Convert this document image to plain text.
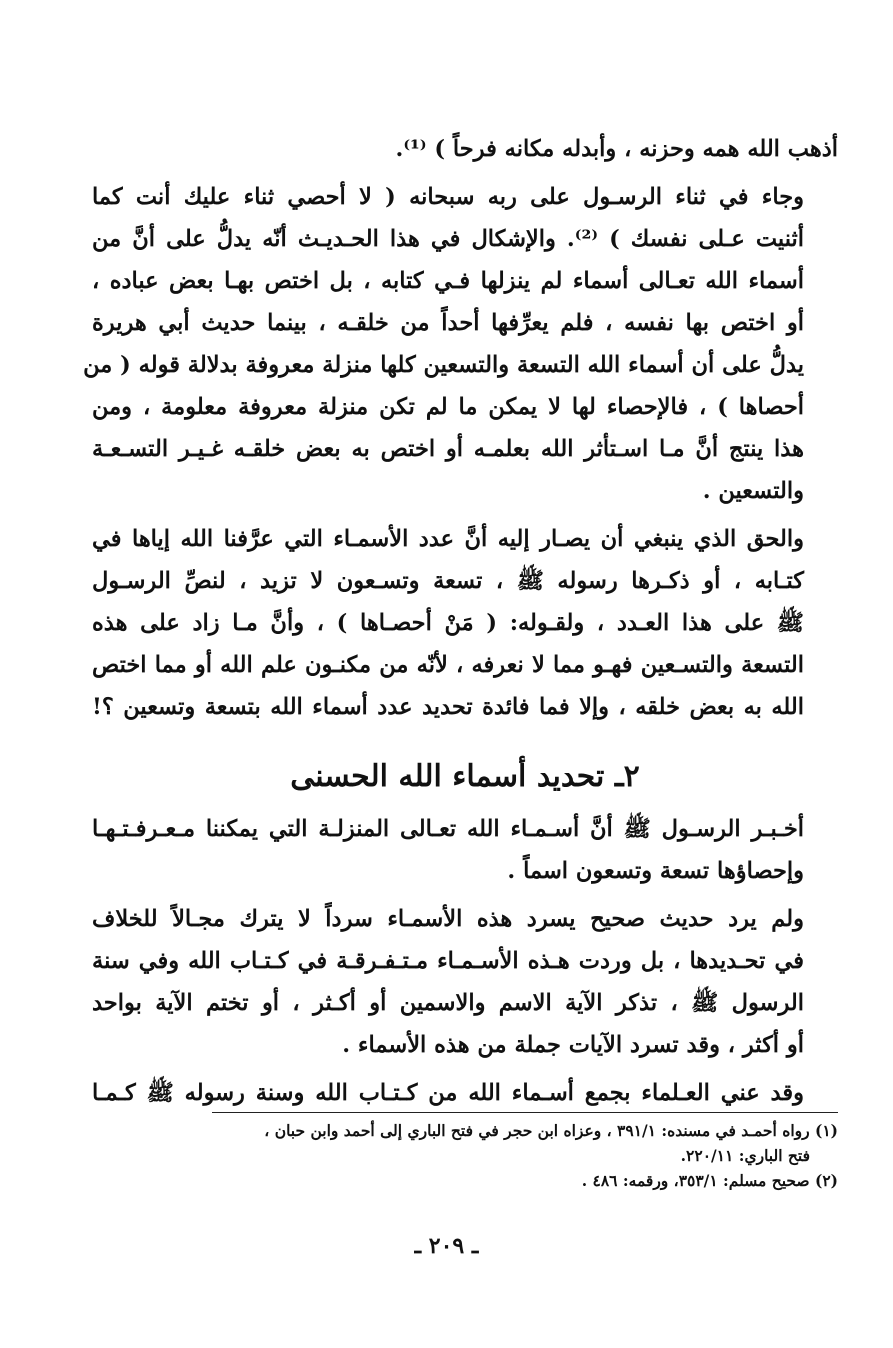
أذهب الله همه وحزنه ، وأبدله مكانه فرحاً ) ⁽¹⁾.

وجاء في ثناء الرسـول على ربه سبحانه ( لا أحصي ثناء عليك أنت كما
أثنيت عـلى نفسك ) ⁽²⁾. والإشكال في هذا الحـديـث أنّه يدلُّ على أنَّ من
أسماء الله تعـالى أسماء لم ينزلها فـي كتابه ، بل اختص بهـا بعض عباده ،
أو اختص بها نفسه ، فلم يعرِّفها أحداً من خلقـه ، بينما حديث أبي هريرة
يدلُّ على أن أسماء الله التسعة والتسعين كلها منزلة معروفة بدلالة قوله ( من
أحصاها ) ، فالإحصاء لها لا يمكن ما لم تكن منزلة معروفة معلومة ، ومن
هذا ينتج أنَّ مـا اسـتأثر الله بعلمـه أو اختص به بعض خلقـه غـيـر التسـعـة
والتسعين .

والحق الذي ينبغي أن يصـار إليه أنَّ عدد الأسمـاء التي عرَّفنا الله إياها في
كتـابه ، أو ذكـرها رسوله ﷺ ، تسعة وتسـعون لا تزيد ، لنصِّ الرسـول
ﷺ على هذا العـدد ، ولقـوله: ( مَنْ أحصـاها ) ، وأنَّ مـا زاد على هذه
التسعة والتسـعين فهـو مما لا نعرفه ، لأنّه من مكنـون علم الله أو مما اختص
الله به بعض خلقه ، وإلا فما فائدة تحديد عدد أسماء الله بتسعة وتسعين ؟!

٢ـ تحديد أسماء الله الحسنى

أخـبـر الرسـول ﷺ أنَّ أسـمـاء الله تعـالى المنزلـة التي يمكننا مـعـرفـتـهـا
وإحصاؤها تسعة وتسعون اسماً .

ولم يرد حديث صحيح يسرد هذه الأسمـاء سرداً لا يترك مجـالاً للخلاف
في تحـديدها ، بل وردت هـذه الأسـمـاء مـتـفـرقـة في كـتـاب الله وفي سنة
الرسول ﷺ ، تذكر الآية الاسم والاسمين أو أكـثر ، أو تختم الآية بواحد
أو أكثر ، وقد تسرد الآيات جملة من هذه الأسماء .

وقد عني العـلماء بجمع أسـماء الله من كـتـاب الله وسنة رسوله ﷺ كـمـا

(١) رواه أحمـد في مسنده: ٣٩١/١ ، وعزاه ابن حجر في فتح الباري إلى أحمد وابن حبان ،
فتح الباري: ٢٢٠/١١.
(٢) صحيح مسلم: ٣٥٣/١، ورقمه: ٤٨٦ .
ـ ٢٠٩ ـ
